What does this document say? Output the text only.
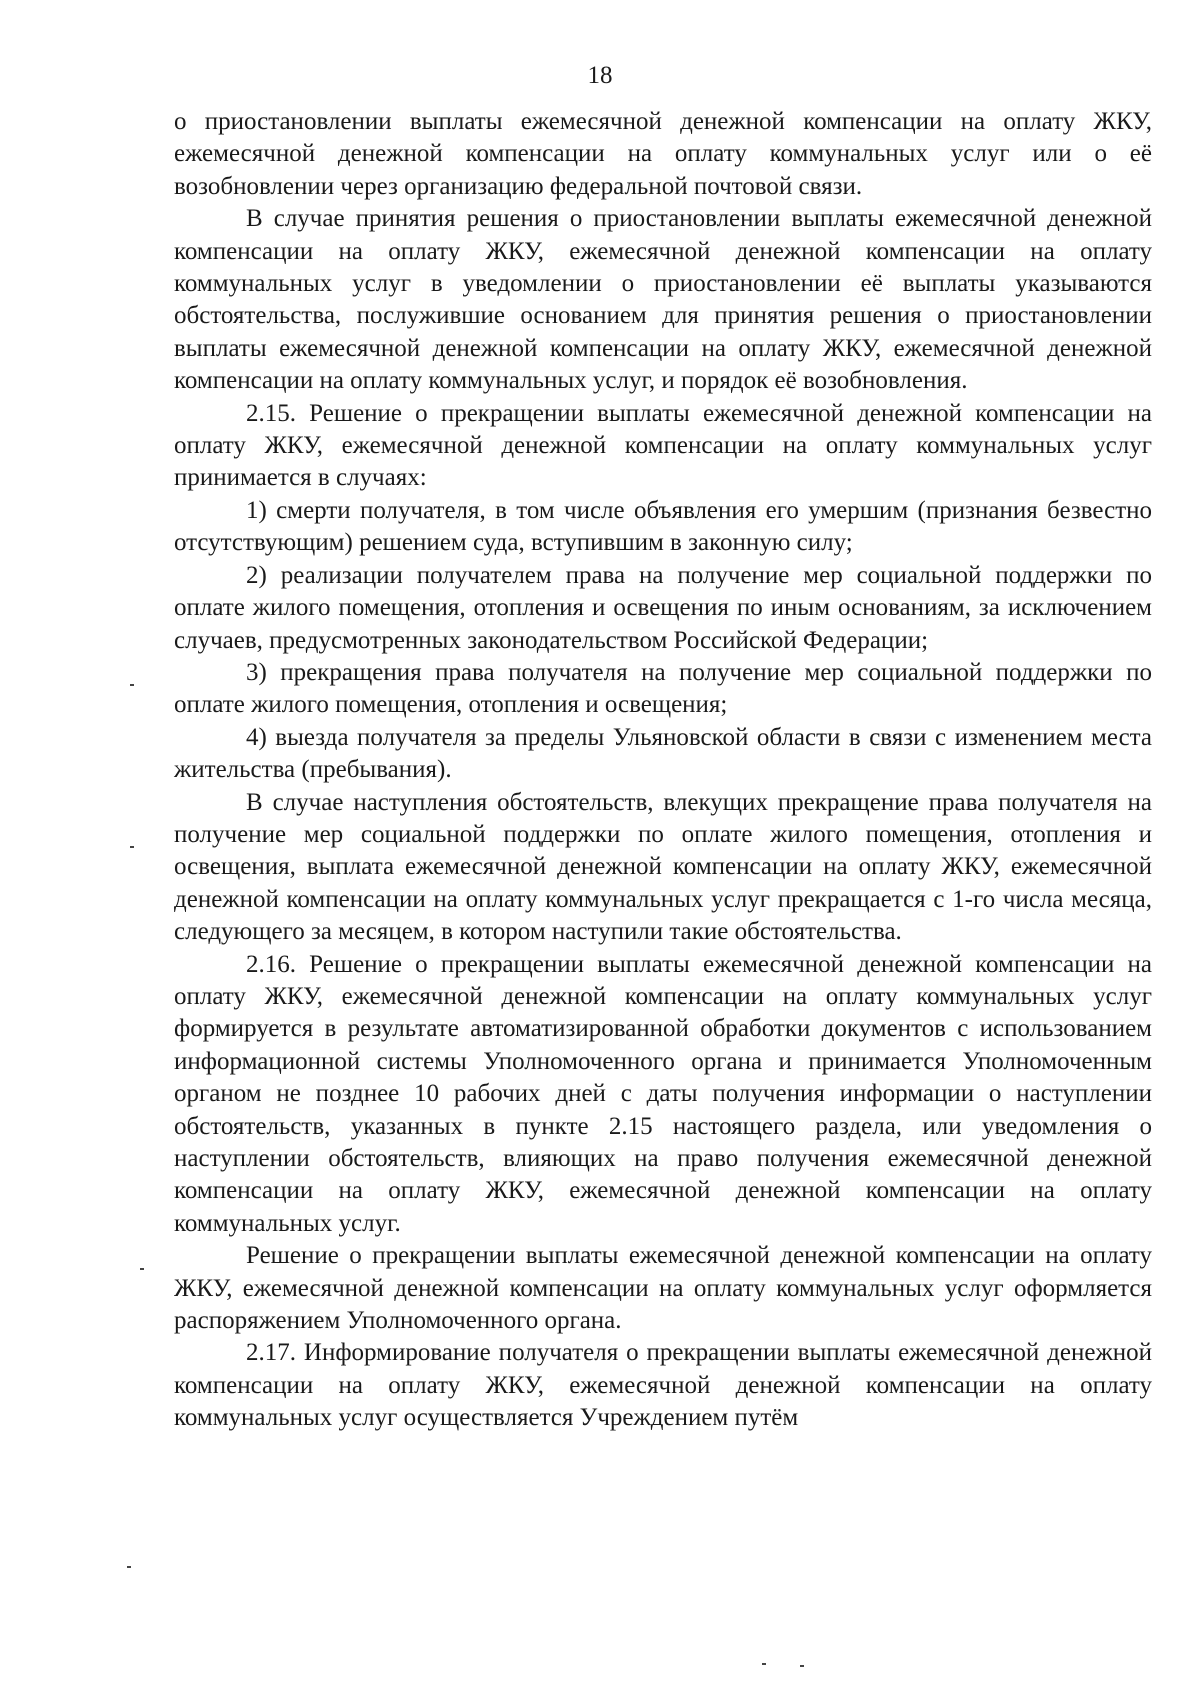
18

о приостановлении выплаты ежемесячной денежной компенсации на оплату ЖКУ, ежемесячной денежной компенсации на оплату коммунальных услуг или о её возобновлении через организацию федеральной почтовой связи.

В случае принятия решения о приостановлении выплаты ежемесячной денежной компенсации на оплату ЖКУ, ежемесячной денежной компенсации на оплату коммунальных услуг в уведомлении о приостановлении её выплаты указываются обстоятельства, послужившие основанием для принятия решения о приостановлении выплаты ежемесячной денежной компенсации на оплату ЖКУ, ежемесячной денежной компенсации на оплату коммунальных услуг, и порядок её возобновления.

2.15. Решение о прекращении выплаты ежемесячной денежной компенсации на оплату ЖКУ, ежемесячной денежной компенсации на оплату коммунальных услуг принимается в случаях:

1) смерти получателя, в том числе объявления его умершим (признания безвестно отсутствующим) решением суда, вступившим в законную силу;

2) реализации получателем права на получение мер социальной поддержки по оплате жилого помещения, отопления и освещения по иным основаниям, за исключением случаев, предусмотренных законодательством Российской Федерации;

3) прекращения права получателя на получение мер социальной поддержки по оплате жилого помещения, отопления и освещения;

4) выезда получателя за пределы Ульяновской области в связи с изменением места жительства (пребывания).

В случае наступления обстоятельств, влекущих прекращение права получателя на получение мер социальной поддержки по оплате жилого помещения, отопления и освещения, выплата ежемесячной денежной компенсации на оплату ЖКУ, ежемесячной денежной компенсации на оплату коммунальных услуг прекращается с 1-го числа месяца, следующего за месяцем, в котором наступили такие обстоятельства.

2.16. Решение о прекращении выплаты ежемесячной денежной компенсации на оплату ЖКУ, ежемесячной денежной компенсации на оплату коммунальных услуг формируется в результате автоматизированной обработки документов с использованием информационной системы Уполномоченного органа и принимается Уполномоченным органом не позднее 10 рабочих дней с даты получения информации о наступлении обстоятельств, указанных в пункте 2.15 настоящего раздела, или уведомления о наступлении обстоятельств, влияющих на право получения ежемесячной денежной компенсации на оплату ЖКУ, ежемесячной денежной компенсации на оплату коммунальных услуг.

Решение о прекращении выплаты ежемесячной денежной компенсации на оплату ЖКУ, ежемесячной денежной компенсации на оплату коммунальных услуг оформляется распоряжением Уполномоченного органа.

2.17. Информирование получателя о прекращении выплаты ежемесячной денежной компенсации на оплату ЖКУ, ежемесячной денежной компенсации на оплату коммунальных услуг осуществляется Учреждением путём
